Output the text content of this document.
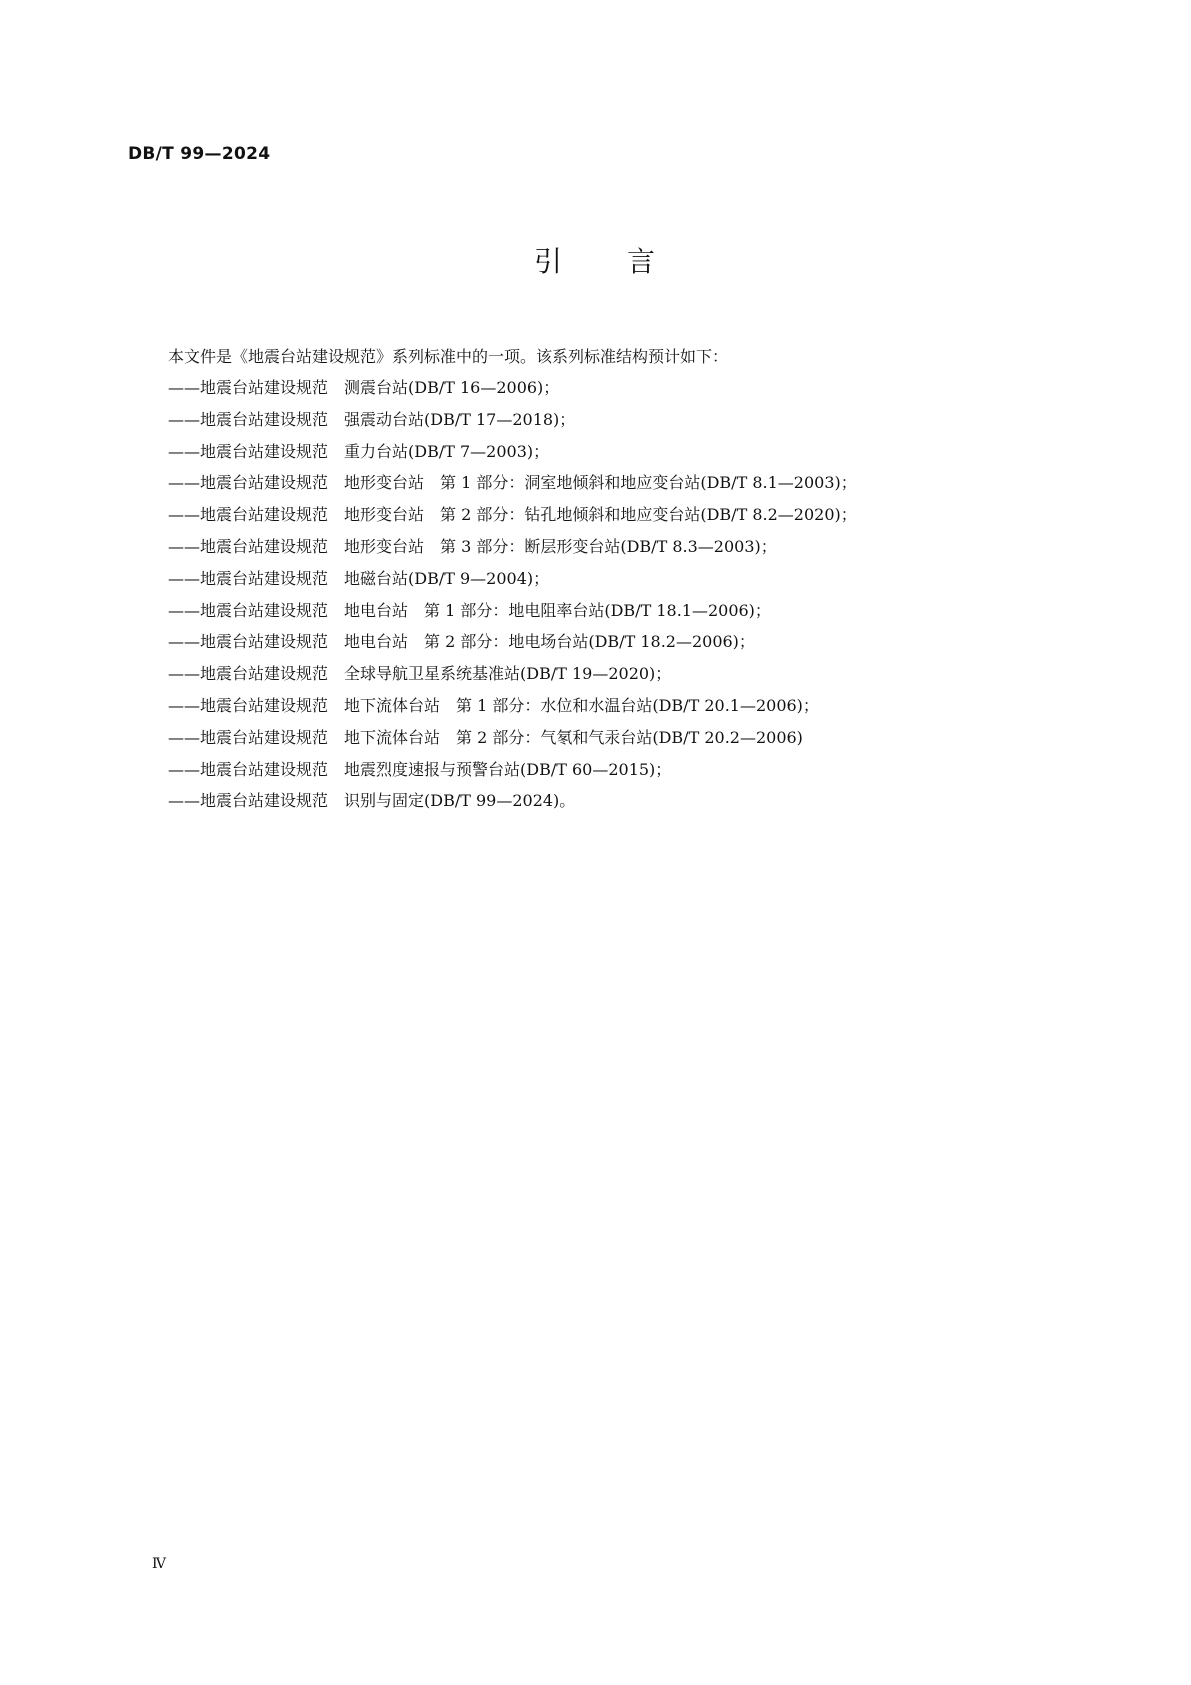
DB/T 99—2024
引 言
本文件是《地震台站建设规范》系列标准中的一项。该系列标准结构预计如下：
——地震台站建设规范　测震台站(DB/T 16—2006)；
——地震台站建设规范　强震动台站(DB/T 17—2018)；
——地震台站建设规范　重力台站(DB/T 7—2003)；
——地震台站建设规范　地形变台站　第 1 部分：洞室地倾斜和地应变台站(DB/T 8.1—2003)；
——地震台站建设规范　地形变台站　第 2 部分：钻孔地倾斜和地应变台站(DB/T 8.2—2020)；
——地震台站建设规范　地形变台站　第 3 部分：断层形变台站(DB/T 8.3—2003)；
——地震台站建设规范　地磁台站(DB/T 9—2004)；
——地震台站建设规范　地电台站　第 1 部分：地电阻率台站(DB/T 18.1—2006)；
——地震台站建设规范　地电台站　第 2 部分：地电场台站(DB/T 18.2—2006)；
——地震台站建设规范　全球导航卫星系统基准站(DB/T 19—2020)；
——地震台站建设规范　地下流体台站　第 1 部分：水位和水温台站(DB/T 20.1—2006)；
——地震台站建设规范　地下流体台站　第 2 部分：气氡和气汞台站(DB/T 20.2—2006)
——地震台站建设规范　地震烈度速报与预警台站(DB/T 60—2015)；
——地震台站建设规范　识别与固定(DB/T 99—2024)。
Ⅳ
